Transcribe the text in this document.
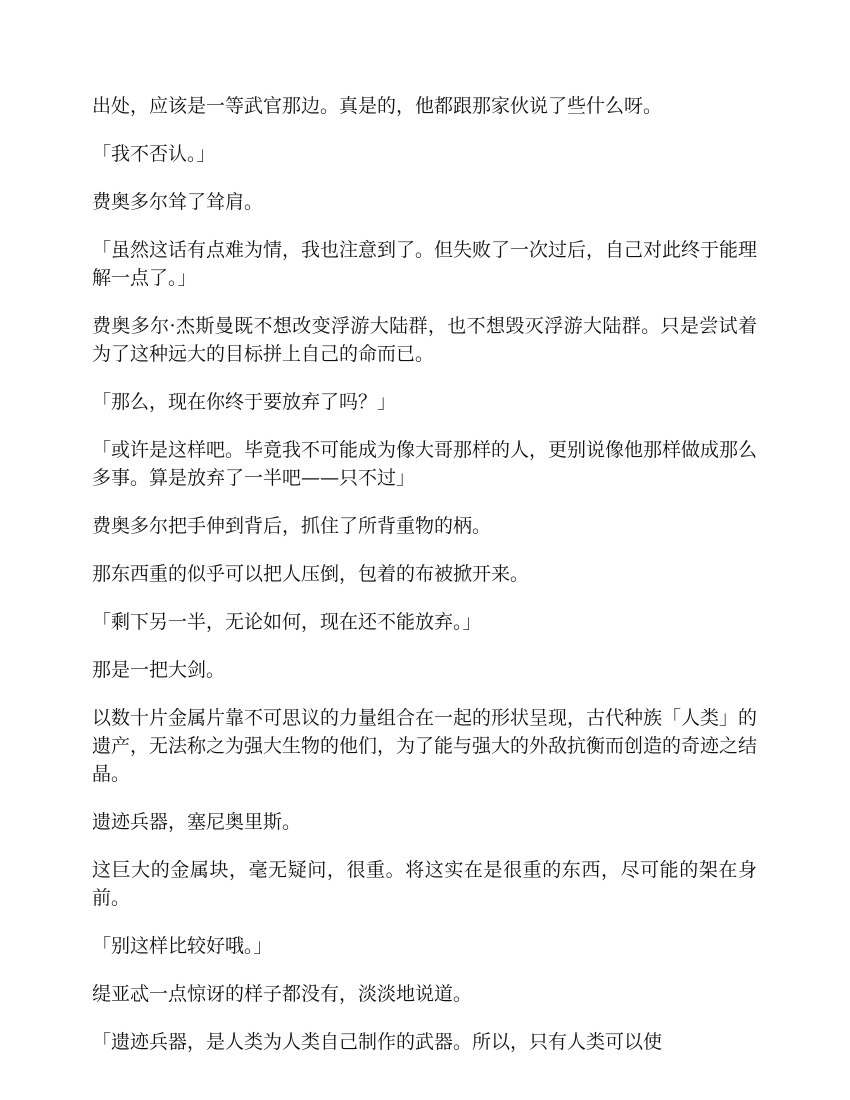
出处，应该是一等武官那边。真是的，他都跟那家伙说了些什么呀。

「我不否认。」

费奥多尔耸了耸肩。

「虽然这话有点难为情，我也注意到了。但失败了一次过后，自己对此终于能理解一点了。」

费奥多尔·杰斯曼既不想改变浮游大陆群，也不想毁灭浮游大陆群。只是尝试着为了这种远大的目标拼上自己的命而已。

「那么，现在你终于要放弃了吗？」

「或许是这样吧。毕竟我不可能成为像大哥那样的人，更别说像他那样做成那么多事。算是放弃了一半吧——只不过」

费奥多尔把手伸到背后，抓住了所背重物的柄。

那东西重的似乎可以把人压倒，包着的布被掀开来。

「剩下另一半，无论如何，现在还不能放弃。」

那是一把大剑。

以数十片金属片靠不可思议的力量组合在一起的形状呈现，古代种族「人类」的遗产，无法称之为强大生物的他们，为了能与强大的外敌抗衡而创造的奇迹之结晶。

遗迹兵器，塞尼奥里斯。

这巨大的金属块，毫无疑问，很重。将这实在是很重的东西，尽可能的架在身前。

「别这样比较好哦。」

缇亚忒一点惊讶的样子都没有，淡淡地说道。

「遗迹兵器，是人类为人类自己制作的武器。所以，只有人类可以使
